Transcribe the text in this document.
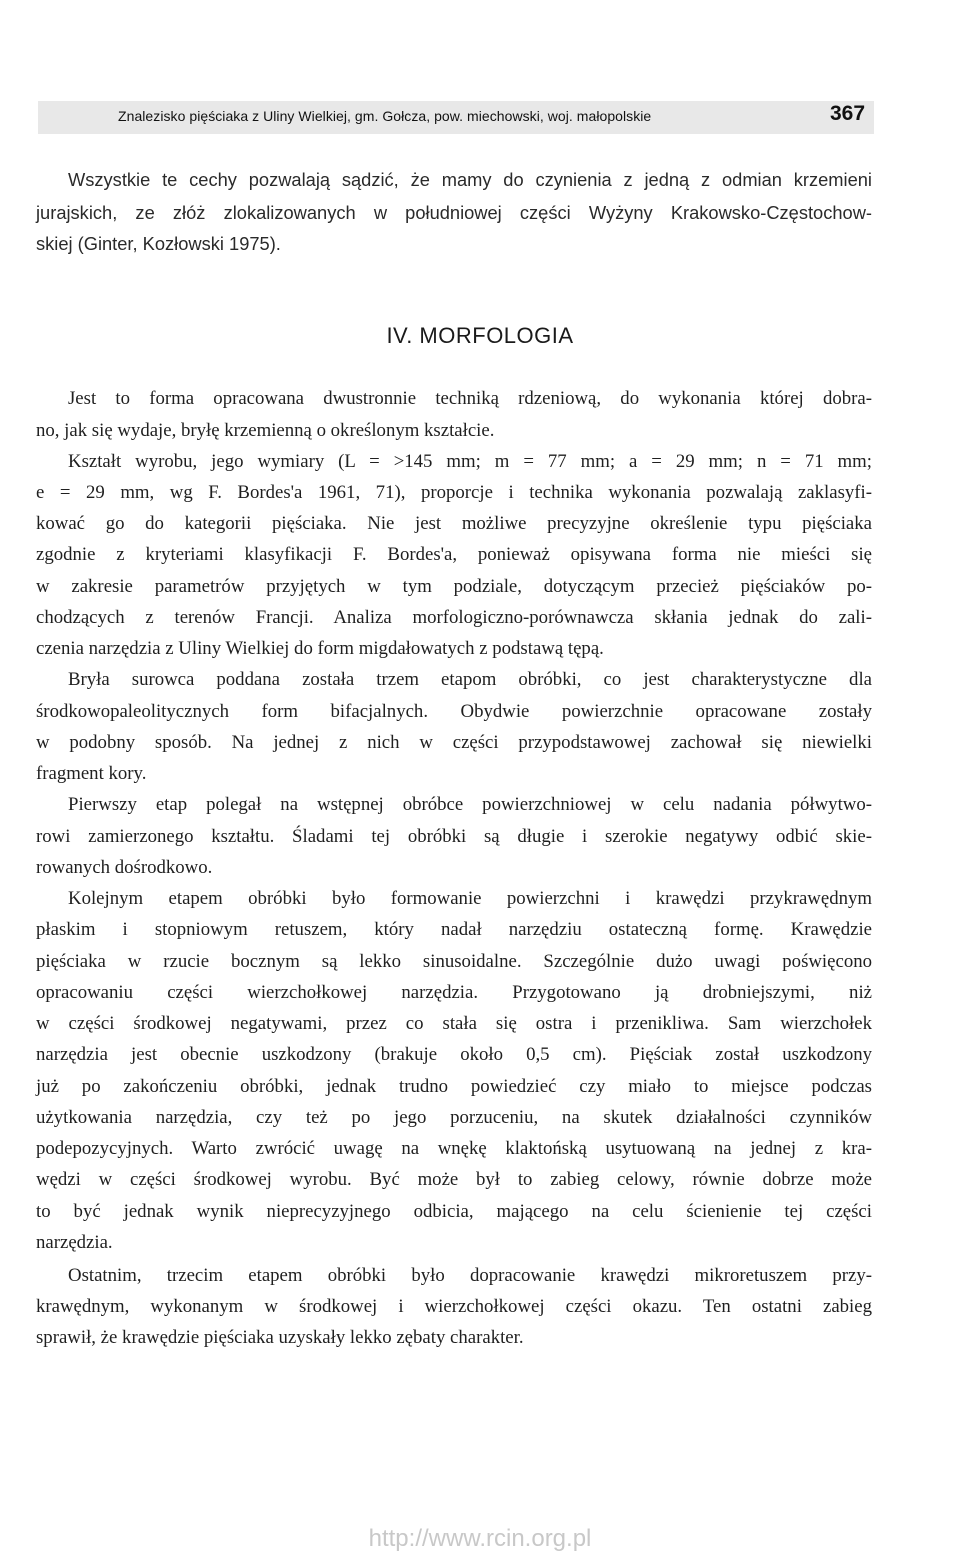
Znalezisko pięściaka z Uliny Wielkiej, gm. Gołcza, pow. miechowski, woj. małopolskie	367
Wszystkie te cechy pozwalają sądzić, że mamy do czynienia z jedną z odmian krzemieni
jurajskich, ze złóż zlokalizowanych w południowej części Wyżyny Krakowsko-Częstochow-
skiej (Ginter, Kozłowski 1975).
IV. MORFOLOGIA
Jest to forma opracowana dwustronnie techniką rdzeniową, do wykonania której dobra-
no, jak się wydaje, bryłę krzemienną o określonym kształcie.
Kształt wyrobu, jego wymiary (L = >145 mm; m = 77 mm; a = 29 mm; n = 71 mm;
e = 29 mm, wg F. Bordes'a 1961, 71), proporcje i technika wykonania pozwalają zaklasyfi-
kować go do kategorii pięściaka. Nie jest możliwe precyzyjne określenie typu pięściaka
zgodnie z kryteriami klasyfikacji F. Bordes'a, ponieważ opisywana forma nie mieści się
w zakresie parametrów przyjętych w tym podziale, dotyczącym przecież pięściaków po-
chodzących z terenów Francji. Analiza morfologiczno-porównawcza skłania jednak do zali-
czenia narzędzia z Uliny Wielkiej do form migdałowatych z podstawą tępą.
Bryła surowca poddana została trzem etapom obróbki, co jest charakterystyczne dla
środkowopaleolitycznych form bifacjalnych. Obydwie powierzchnie opracowane zostały
w podobny sposób. Na jednej z nich w części przypodstawowej zachował się niewielki
fragment kory.
Pierwszy etap polegał na wstępnej obróbce powierzchniowej w celu nadania półwytwo-
rowi zamierzonego kształtu. Śladami tej obróbki są długie i szerokie negatywy odbić skie-
rowanych dośrodkowo.
Kolejnym etapem obróbki było formowanie powierzchni i krawędzi przykrawędnym
płaskim i stopniowym retuszem, który nadał narzędziu ostateczną formę. Krawędzie
pięściaka w rzucie bocznym są lekko sinusoidalne. Szczególnie dużo uwagi poświęcono
opracowaniu części wierzchołkowej narzędzia. Przygotowano ją drobniejszymi, niż
w części środkowej negatywami, przez co stała się ostra i przenikliwa. Sam wierzchołek
narzędzia jest obecnie uszkodzony (brakuje około 0,5 cm). Pięściak został uszkodzony
już po zakończeniu obróbki, jednak trudno powiedzieć czy miało to miejsce podczas
użytkowania narzędzia, czy też po jego porzuceniu, na skutek działalności czynników
podepozycyjnych. Warto zwrócić uwagę na wnękę klaktońską usytuowaną na jednej z kra-
wędzi w części środkowej wyrobu. Być może był to zabieg celowy, równie dobrze może
to być jednak wynik nieprecyzyjnego odbicia, mającego na celu ścienienie tej części
narzędzia.
Ostatnim, trzecim etapem obróbki było dopracowanie krawędzi mikroretuszem przy-
krawędnym, wykonanym w środkowej i wierzchołkowej części okazu. Ten ostatni zabieg
sprawił, że krawędzie pięściaka uzyskały lekko zębaty charakter.
http://www.rcin.org.pl
